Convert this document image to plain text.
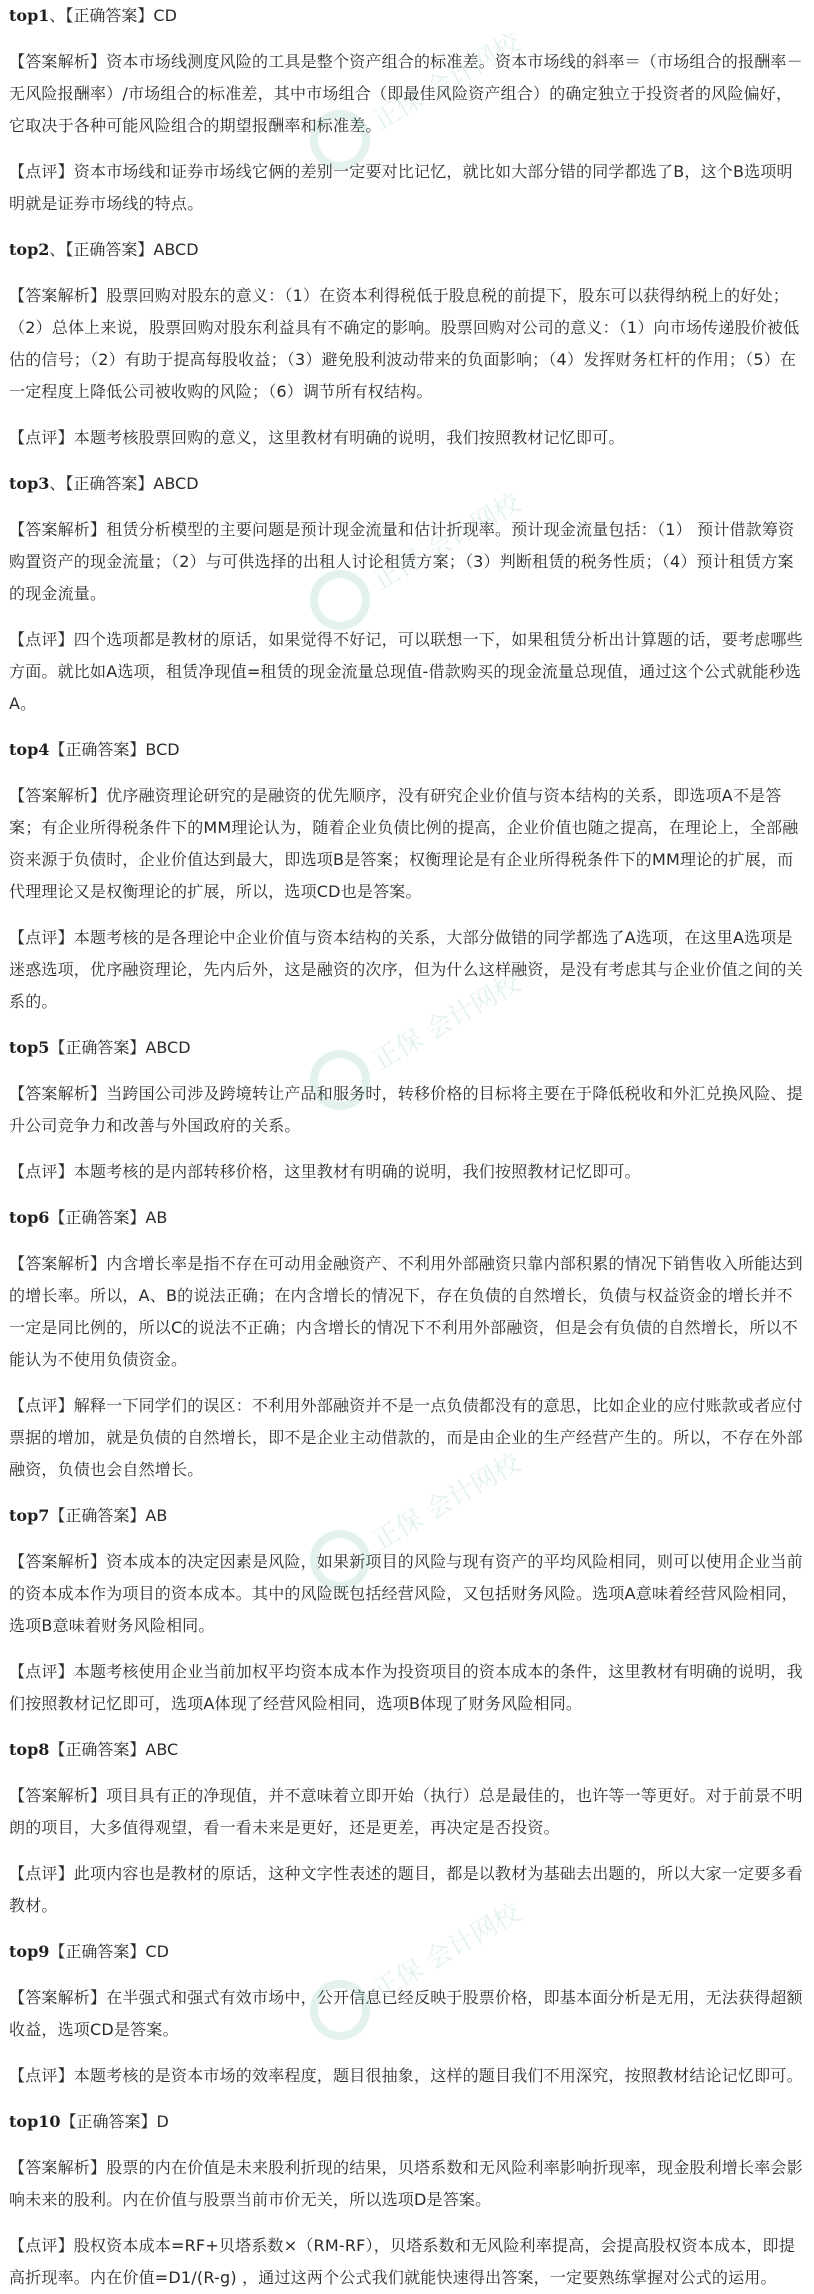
正保 会计网校
正保 会计网校
正保 会计网校
正保 会计网校
正保 会计网校

top1、【正确答案】CD

【答案解析】资本市场线测度风险的工具是整个资产组合的标准差。资本市场线的斜率＝（市场组合的报酬率－无风险报酬率）/市场组合的标准差，其中市场组合（即最佳风险资产组合）的确定独立于投资者的风险偏好，它取决于各种可能风险组合的期望报酬率和标准差。

【点评】资本市场线和证券市场线它俩的差别一定要对比记忆，就比如大部分错的同学都选了B，这个B选项明明就是证券市场线的特点。

top2、【正确答案】ABCD

【答案解析】股票回购对股东的意义：（1）在资本利得税低于股息税的前提下，股东可以获得纳税上的好处；（2）总体上来说，股票回购对股东利益具有不确定的影响。股票回购对公司的意义：（1）向市场传递股价被低估的信号；（2）有助于提高每股收益；（3）避免股利波动带来的负面影响；（4）发挥财务杠杆的作用；（5）在一定程度上降低公司被收购的风险；（6）调节所有权结构。

【点评】本题考核股票回购的意义，这里教材有明确的说明，我们按照教材记忆即可。

top3、【正确答案】ABCD

【答案解析】租赁分析模型的主要问题是预计现金流量和估计折现率。预计现金流量包括：（1） 预计借款筹资购置资产的现金流量；（2）与可供选择的出租人讨论租赁方案；（3）判断租赁的税务性质；（4）预计租赁方案的现金流量。

【点评】四个选项都是教材的原话，如果觉得不好记，可以联想一下，如果租赁分析出计算题的话，要考虑哪些方面。就比如A选项，租赁净现值=租赁的现金流量总现值-借款购买的现金流量总现值，通过这个公式就能秒选A。

top4【正确答案】BCD

【答案解析】优序融资理论研究的是融资的优先顺序，没有研究企业价值与资本结构的关系，即选项A不是答案；有企业所得税条件下的MM理论认为，随着企业负债比例的提高，企业价值也随之提高，在理论上，全部融资来源于负债时，企业价值达到最大，即选项B是答案；权衡理论是有企业所得税条件下的MM理论的扩展，而代理理论又是权衡理论的扩展，所以，选项CD也是答案。

【点评】本题考核的是各理论中企业价值与资本结构的关系，大部分做错的同学都选了A选项，在这里A选项是迷惑选项，优序融资理论，先内后外，这是融资的次序，但为什么这样融资，是没有考虑其与企业价值之间的关系的。

top5【正确答案】ABCD

【答案解析】当跨国公司涉及跨境转让产品和服务时，转移价格的目标将主要在于降低税收和外汇兑换风险、提升公司竞争力和改善与外国政府的关系。

【点评】本题考核的是内部转移价格，这里教材有明确的说明，我们按照教材记忆即可。

top6【正确答案】AB

【答案解析】内含增长率是指不存在可动用金融资产、不利用外部融资只靠内部积累的情况下销售收入所能达到的增长率。所以，A、B的说法正确；在内含增长的情况下，存在负债的自然增长，负债与权益资金的增长并不一定是同比例的，所以C的说法不正确；内含增长的情况下不利用外部融资，但是会有负债的自然增长，所以不能认为不使用负债资金。

【点评】解释一下同学们的误区：不利用外部融资并不是一点负债都没有的意思，比如企业的应付账款或者应付票据的增加，就是负债的自然增长，即不是企业主动借款的，而是由企业的生产经营产生的。所以，不存在外部融资，负债也会自然增长。

top7【正确答案】AB

【答案解析】资本成本的决定因素是风险，如果新项目的风险与现有资产的平均风险相同，则可以使用企业当前的资本成本作为项目的资本成本。其中的风险既包括经营风险，又包括财务风险。选项A意味着经营风险相同，选项B意味着财务风险相同。

【点评】本题考核使用企业当前加权平均资本成本作为投资项目的资本成本的条件，这里教材有明确的说明，我们按照教材记忆即可，选项A体现了经营风险相同，选项B体现了财务风险相同。

top8【正确答案】ABC

【答案解析】项目具有正的净现值，并不意味着立即开始（执行）总是最佳的，也许等一等更好。对于前景不明朗的项目，大多值得观望，看一看未来是更好，还是更差，再决定是否投资。

【点评】此项内容也是教材的原话，这种文字性表述的题目，都是以教材为基础去出题的，所以大家一定要多看教材。

top9【正确答案】CD

【答案解析】在半强式和强式有效市场中，公开信息已经反映于股票价格，即基本面分析是无用，无法获得超额收益，选项CD是答案。

【点评】本题考核的是资本市场的效率程度，题目很抽象，这样的题目我们不用深究，按照教材结论记忆即可。

top10【正确答案】D

【答案解析】股票的内在价值是未来股利折现的结果，贝塔系数和无风险利率影响折现率，现金股利增长率会影响未来的股利。内在价值与股票当前市价无关，所以选项D是答案。

【点评】股权资本成本=RF+贝塔系数×（RM-RF），贝塔系数和无风险利率提高，会提高股权资本成本，即提高折现率。内在价值=D1/(R-g) ，通过这两个公式我们就能快速得出答案，一定要熟练掌握对公式的运用。
